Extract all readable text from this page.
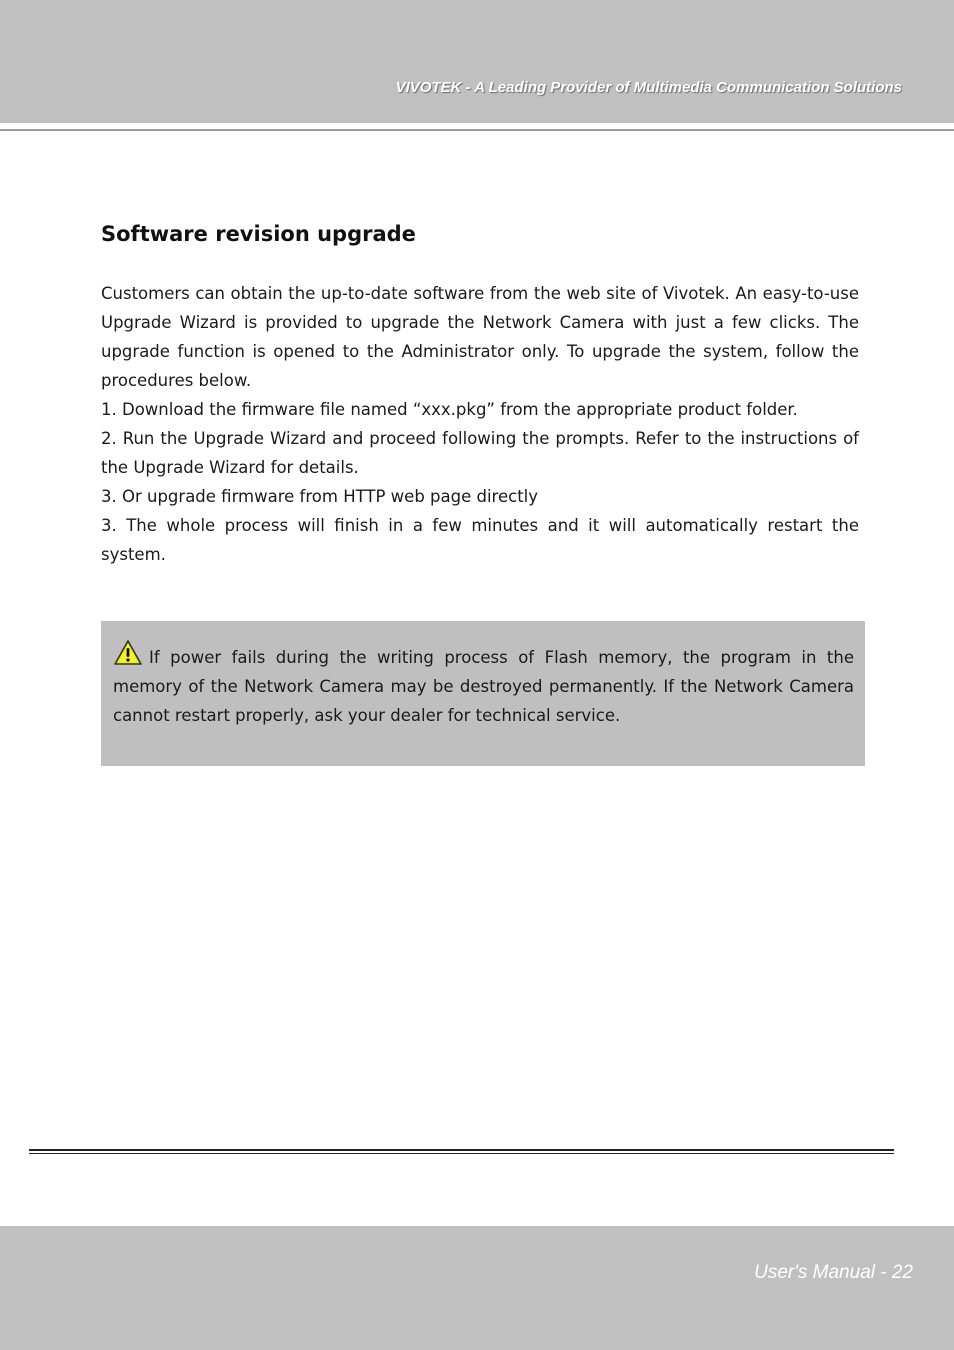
VIVOTEK - A Leading Provider of Multimedia Communication Solutions
Software revision upgrade

Customers can obtain the up-to-date software from the web site of Vivotek. An easy-to-use Upgrade Wizard is provided to upgrade the Network Camera with just a few clicks. The upgrade function is opened to the Administrator only. To upgrade the system, follow the procedures below.

1. Download the firmware file named “xxx.pkg” from the appropriate product folder.
2. Run the Upgrade Wizard and proceed following the prompts. Refer to the instructions of the Upgrade Wizard for details.
3. Or upgrade firmware from HTTP web page directly
3. The whole process will finish in a few minutes and it will automatically restart the system.

If power fails during the writing process of Flash memory, the program in the memory of the Network Camera may be destroyed permanently. If the Network Camera cannot restart properly, ask your dealer for technical service.

User's Manual - 22
